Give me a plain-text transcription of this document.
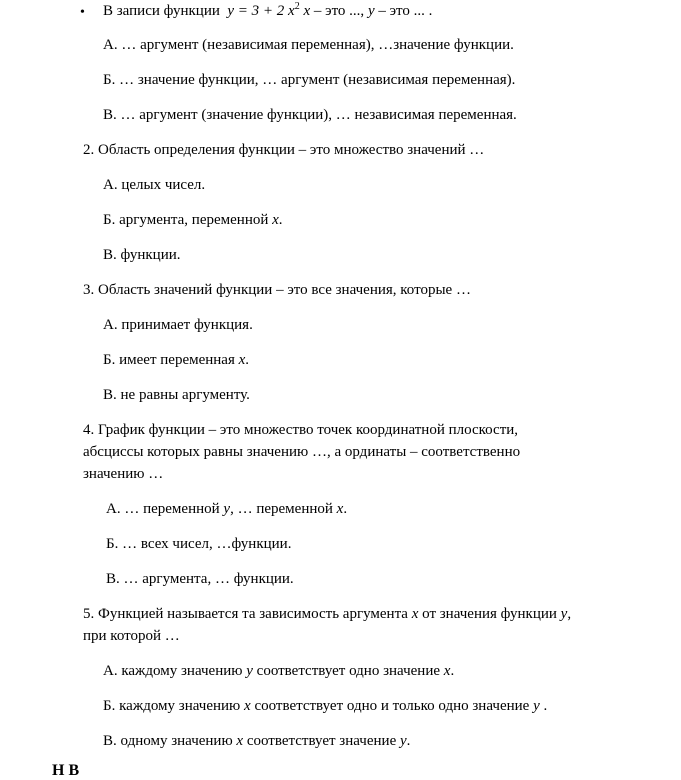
• В записи функции y = 3 + 2 $x^2$ x – это ..., y – это ... .
А. … аргумент (независимая переменная), …значение функции.
Б. … значение функции, … аргумент (независимая переменная).
В. … аргумент (значение функции), … независимая переменная.
2. Область определения функции – это множество значений …
А. целых чисел.
Б. аргумента, переменной x.
В. функции.
3. Область значений функции – это все значения, которые …
А. принимает функция.
Б. имеет переменная x.
В. не равны аргументу.
4. График функции – это множество точек координатной плоскости,
абсциссы которых равны значению …, а ординаты – соответственно
значению …
А. … переменной y, … переменной x.
Б. … всех чисел, …функции.
В. … аргумента, … функции.
5. Функцией называется та зависимость аргумента x от значения функции y,
при которой …
А. каждому значению y соответствует одно значение x.
Б. каждому значению x соответствует одно и только одно значение y .
В. одному значению x соответствует значение y.
Н В
